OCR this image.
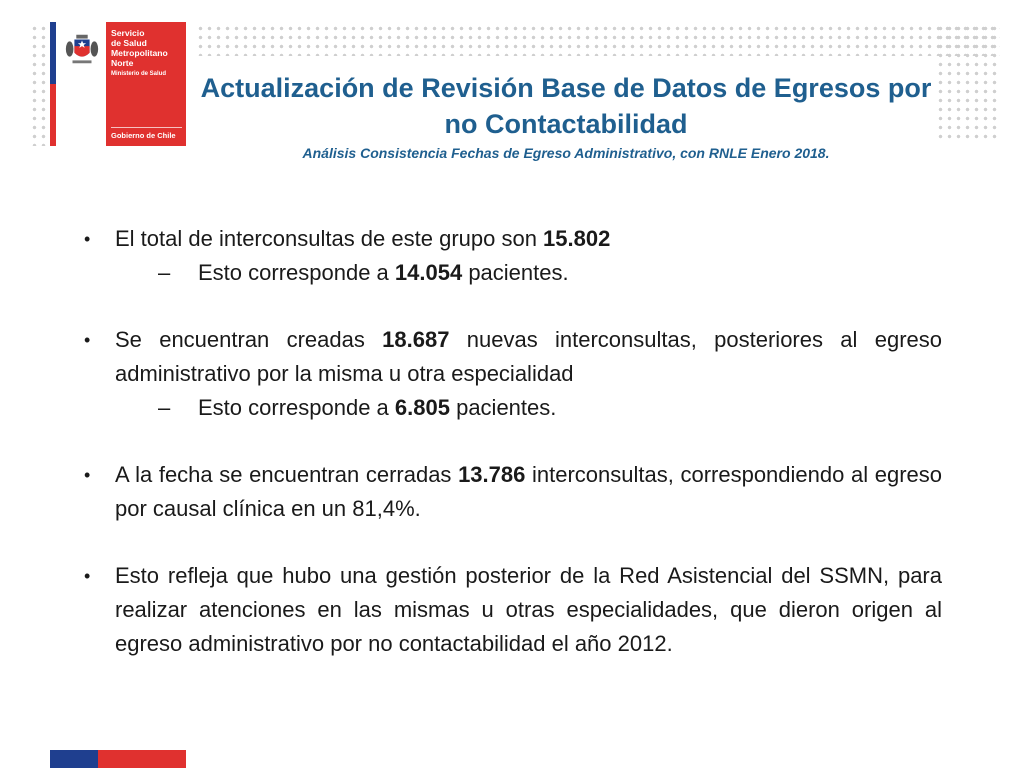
Servicio
de Salud
Metropolitano
Norte
Ministerio de Salud
Gobierno de Chile
Actualización de Revisión Base de Datos de Egresos por no Contactabilidad
Análisis Consistencia Fechas de Egreso Administrativo, con RNLE Enero 2018.
•	El total de interconsultas de este grupo son 15.802
–	Esto corresponde a 14.054 pacientes.
•	Se encuentran creadas 18.687 nuevas interconsultas, posteriores al egreso administrativo por la misma u otra especialidad
–	Esto corresponde a 6.805 pacientes.
•	A la fecha se encuentran cerradas 13.786 interconsultas, correspondiendo al egreso por causal clínica en un 81,4%.
•	Esto refleja que hubo una gestión posterior de la Red Asistencial del SSMN, para realizar atenciones en las mismas u otras especialidades, que dieron origen al egreso administrativo por no contactabilidad el año 2012.
